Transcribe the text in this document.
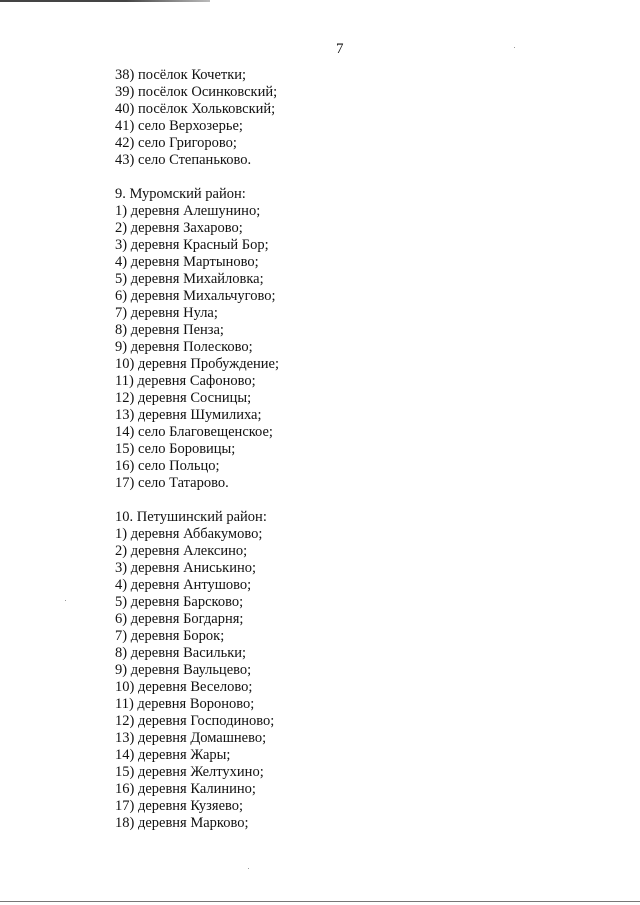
7
38) посёлок Кочетки;
39) посёлок Осинковский;
40) посёлок Хольковский;
41) село Верхозерье;
42) село Григорово;
43) село Степаньково.
9. Муромский район:
1) деревня Алешунино;
2) деревня Захарово;
3) деревня Красный Бор;
4) деревня Мартыново;
5) деревня Михайловка;
6) деревня Михальчугово;
7) деревня Нула;
8) деревня Пенза;
9) деревня Полесково;
10) деревня Пробуждение;
11) деревня Сафоново;
12) деревня Сосницы;
13) деревня Шумилиха;
14) село Благовещенское;
15) село Боровицы;
16) село Польцо;
17) село Татарово.
10. Петушинский район:
1) деревня Аббакумово;
2) деревня Алексино;
3) деревня Аниськино;
4) деревня Антушово;
5) деревня Барсково;
6) деревня Богдарня;
7) деревня Борок;
8) деревня Васильки;
9) деревня Ваульцево;
10) деревня Веселово;
11) деревня Вороново;
12) деревня Господиново;
13) деревня Домашнево;
14) деревня Жары;
15) деревня Желтухино;
16) деревня Калинино;
17) деревня Кузяево;
18) деревня Марково;
